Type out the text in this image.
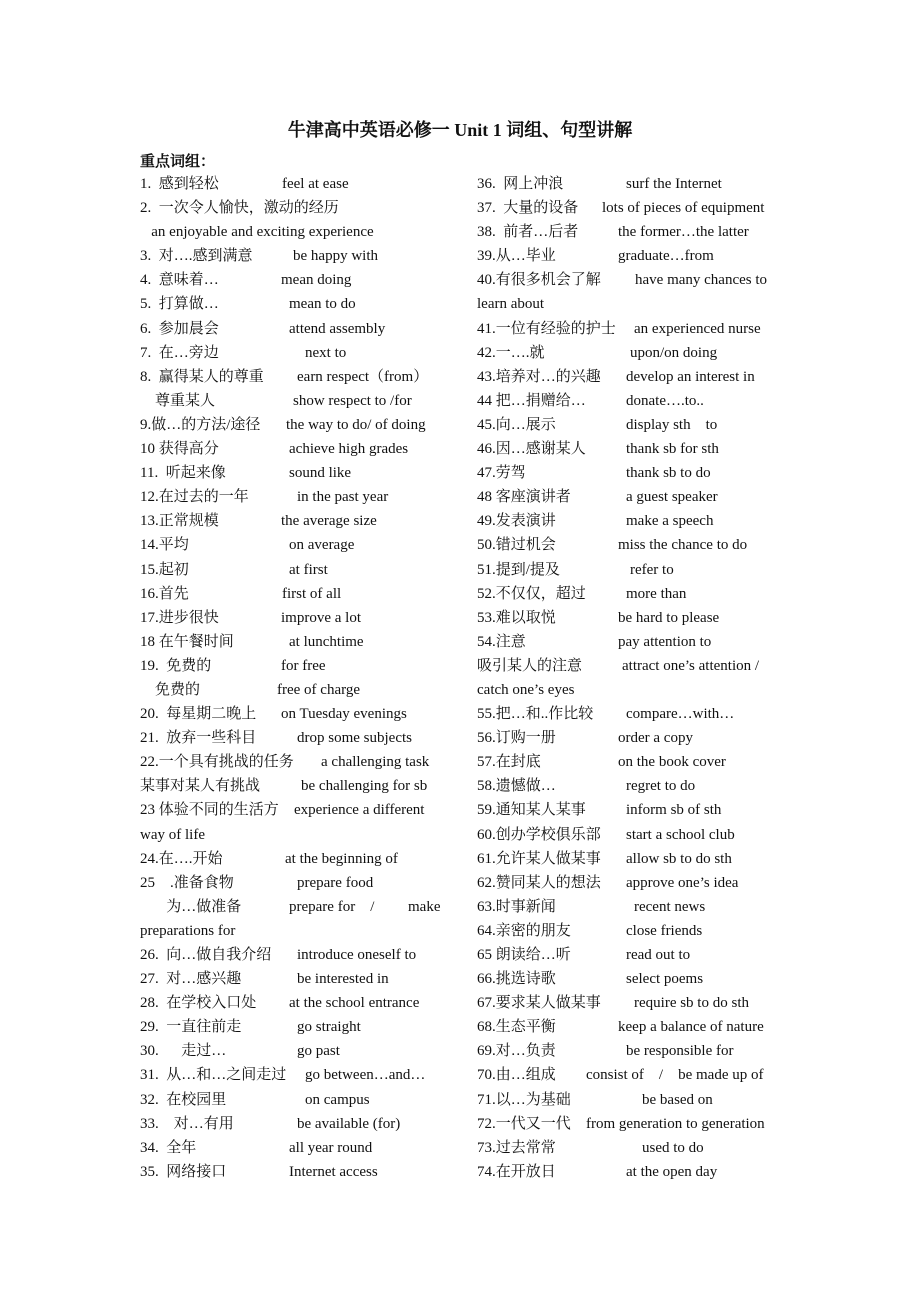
牛津高中英语必修一 Unit 1 词组、句型讲解
重点词组：
1.  感到轻松	feel at ease
2.  一次令人愉快，激动的经历
an enjoyable and exciting experience
3.  对….感到满意	be happy with
4.  意味着…	mean doing
5.  打算做…	mean to do
6.  参加晨会	attend assembly
7.  在…旁边	next to
8.  赢得某人的尊重 earn respect（from）
尊重某人	show respect to /for
9.做…的方法/途径 the way to do/ of doing
10 获得高分	achieve high grades
11.  听起来像	sound like
12.在过去的一年	in the past year
13.正常规模	the average size
14.平均	on average
15.起初	at first
16.首先	first of all
17.进步很快	improve a lot
18 在午餐时间	at lunchtime
19.  免费的	for free
免费的	free of charge
20.  每星期二晚上 on Tuesday evenings
21.  放弃一些科目	drop some subjects
22.一个具有挑战的任务 a challenging task
某事对某人有挑战	be challenging for sb
23 体验不同的生活方 experience a different
way of life
24.在….开始	at the beginning of
25    .准备食物	prepare food
为…做准备	prepare for    / make
preparations for
26.  向…做自我介绍 introduce oneself to
27.  对…感兴趣	be interested in
28.  在学校入口处 at the school entrance
29.  一直往前走	go straight
30.      走过…	go past
31.  从…和…之间走过 go between…and…
32.  在校园里	on campus
33.    对…有用	be available (for)
34.  全年	all year round
35.  网络接口	Internet access
36.  网上冲浪	surf the Internet
37.  大量的设备 lots of pieces of equipment
38.  前者…后者	the former…the latter
39.从…毕业	graduate…from
40.有很多机会了解 have many chances to
learn about
41.一位有经验的护士 an experienced nurse
42.一….就	upon/on doing
43.培养对…的兴趣 develop an interest in
44 把…捐赠给…	donate….to..
45.向…展示	display sth    to
46.因…感谢某人	thank sb for sth
47.劳驾	thank sb to do
48 客座演讲者	a guest speaker
49.发表演讲	make a speech
50.错过机会	miss the chance to do
51.提到/提及	refer to
52.不仅仅，超过	more than
53.难以取悦	be hard to please
54.注意	pay attention to
吸引某人的注意	attract one’s attention /
catch one’s eyes
55.把…和..作比较 compare…with…
56.订购一册	order a copy
57.在封底	on the book cover
58.遗憾做…	regret to do
59.通知某人某事	inform sb of sth
60.创办学校俱乐部 start a school club
61.允许某人做某事 allow sb to do sth
62.赞同某人的想法 approve one’s idea
63.时事新闻	recent news
64.亲密的朋友	close friends
65 朗读给…听	read out to
66.挑选诗歌	select poems
67.要求某人做某事 require sb to do sth
68.生态平衡	keep a balance of nature
69.对…负责	be responsible for
70.由…组成 consist of    /    be made up of
71.以…为基础	be based on
72.一代又一代 from generation to generation
73.过去常常	used to do
74.在开放日	at the open day
